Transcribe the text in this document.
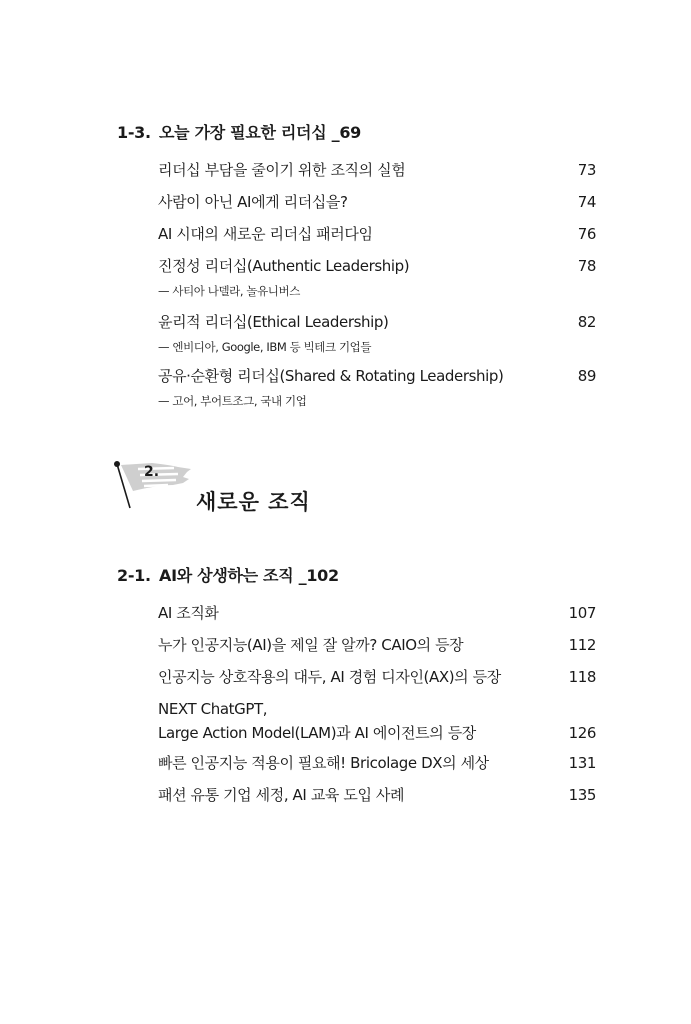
1-3. 오늘 가장 필요한 리더십 _69
리더십 부담을 줄이기 위한 조직의 실험	73
사람이 아닌 AI에게 리더십을?	74
AI 시대의 새로운 리더십 패러다임	76
진정성 리더십(Authentic Leadership)	78
— 사티아 나델라, 놀유니버스
윤리적 리더십(Ethical Leadership)	82
— 엔비디아, Google, IBM 등 빅테크 기업들
공유·순환형 리더십(Shared & Rotating Leadership)	89
— 고어, 부어트조그, 국내 기업
2.
새로운 조직
2-1. AI와 상생하는 조직 _102
AI 조직화	107
누가 인공지능(AI)을 제일 잘 알까? CAIO의 등장	112
인공지능 상호작용의 대두, AI 경험 디자인(AX)의 등장	118
NEXT ChatGPT,
Large Action Model(LAM)과 AI 에이전트의 등장	126
빠른 인공지능 적용이 필요해! Bricolage DX의 세상	131
패션 유통 기업 세정, AI 교육 도입 사례	135
